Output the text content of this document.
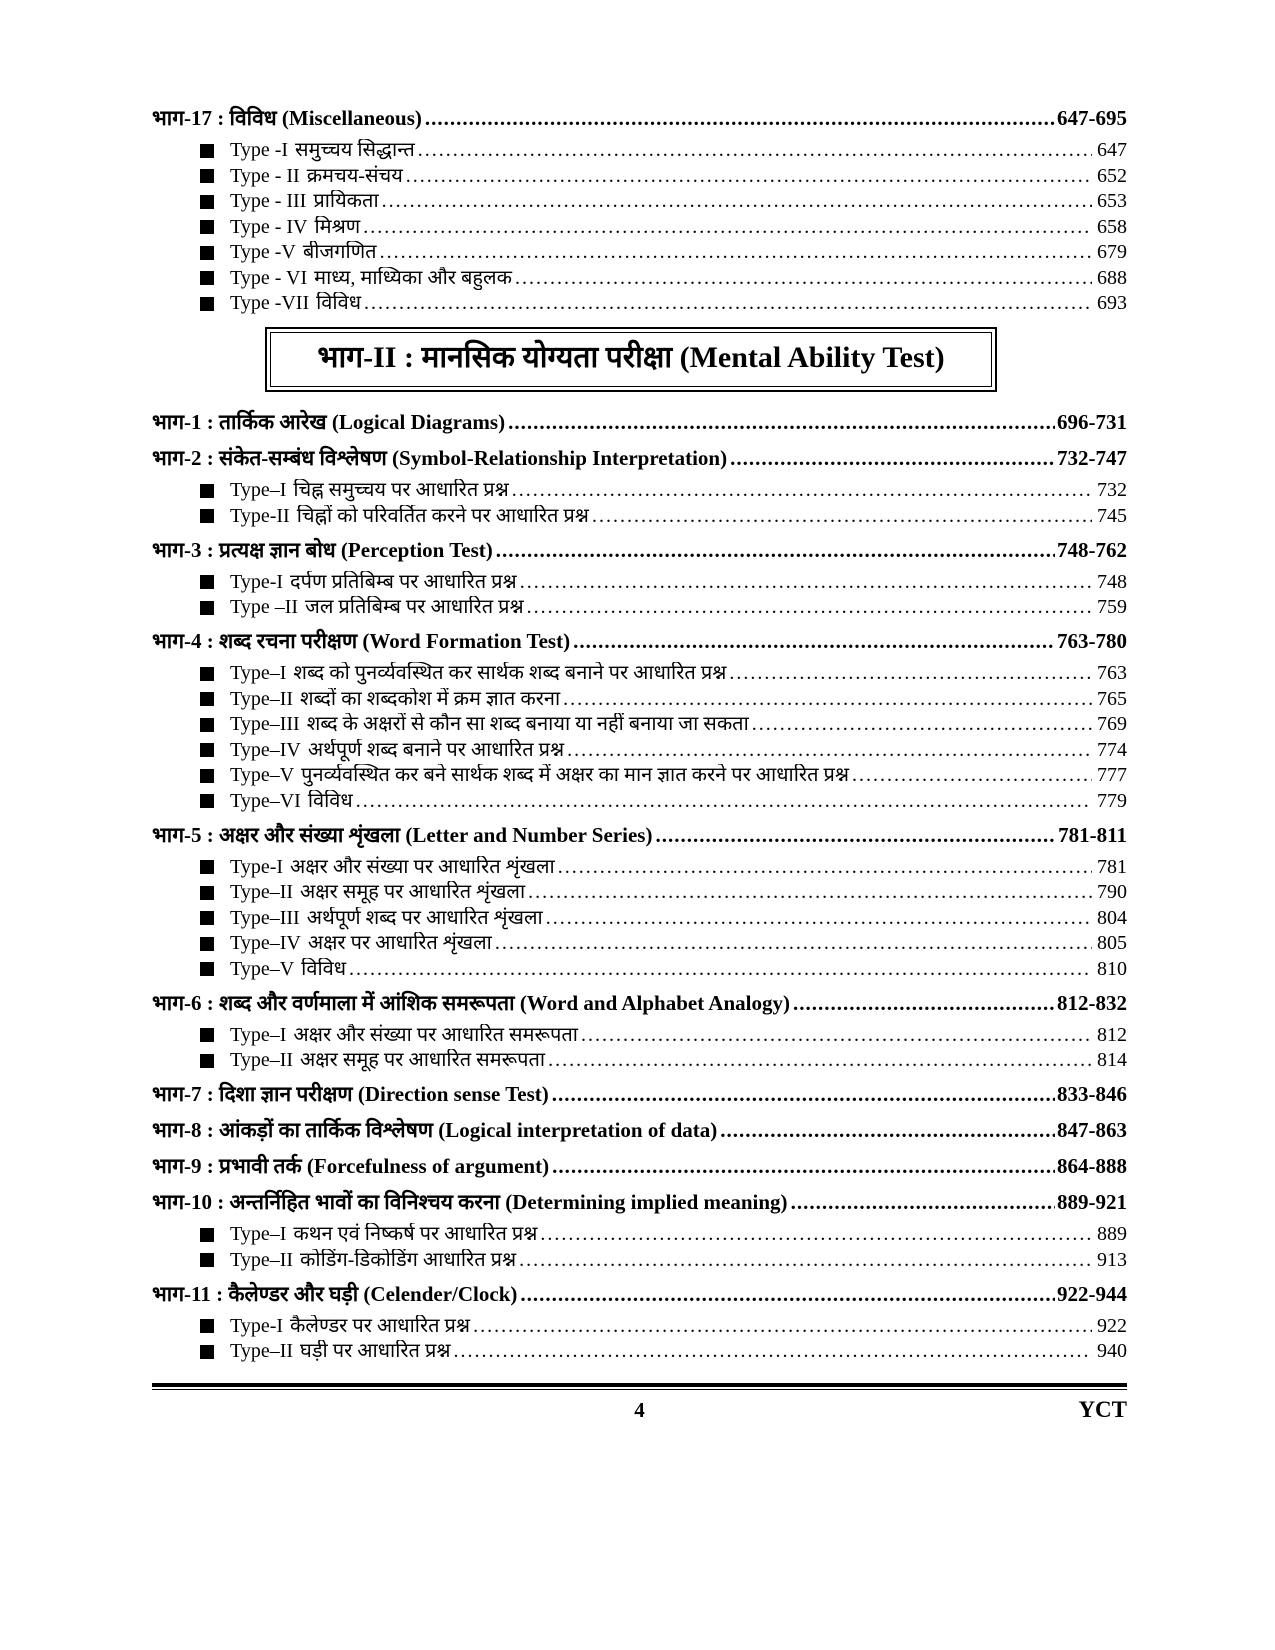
भाग-17 : विविध (Miscellaneous) .....	647-695
Type -I समुच्चय सिद्धान्त .....	647
Type - II क्रमचय-संचय .....	652
Type - III प्रायिकता .....	653
Type - IV मिश्रण .....	658
Type -V बीजगणित .....	679
Type - VI माध्य, माध्यिका और बहुलक .....	688
Type -VII विविध .....	693
भाग-II : मानसिक योग्यता परीक्षा (Mental Ability Test)
भाग-1 : तार्किक आरेख (Logical Diagrams) .....	696-731
भाग-2 : संकेत-सम्बंध विश्लेषण (Symbol-Relationship Interpretation) .....	732-747
Type–I चिह्न समुच्चय पर आधारित प्रश्न .....	732
Type-II चिह्नों को परिवर्तित करने पर आधारित प्रश्न .....	745
भाग-3 : प्रत्यक्ष ज्ञान बोध (Perception Test) .....	748-762
Type-I दर्पण प्रतिबिम्ब पर आधारित प्रश्न .....	748
Type –II जल प्रतिबिम्ब पर आधारित प्रश्न .....	759
भाग-4 : शब्द रचना परीक्षण (Word Formation Test) .....	763-780
Type–I शब्द को पुनर्व्यवस्थित कर सार्थक शब्द बनाने पर आधारित प्रश्न .....	763
Type–II शब्दों का शब्दकोश में क्रम ज्ञात करना .....	765
Type–III शब्द के अक्षरों से कौन सा शब्द बनाया या नहीं बनाया जा सकता .....	769
Type–IV अर्थपूर्ण शब्द बनाने पर आधारित प्रश्न .....	774
Type–V पुनर्व्यवस्थित कर बने सार्थक शब्द में अक्षर का मान ज्ञात करने पर आधारित प्रश्न .....	777
Type–VI विविध .....	779
भाग-5 : अक्षर और संख्या शृंखला (Letter and Number Series) .....	781-811
Type-I अक्षर और संख्या पर आधारित शृंखला .....	781
Type–II अक्षर समूह पर आधारित शृंखला .....	790
Type–III अर्थपूर्ण शब्द पर आधारित शृंखला .....	804
Type–IV अक्षर पर आधारित शृंखला .....	805
Type–V विविध .....	810
भाग-6 : शब्द और वर्णमाला में आंशिक समरूपता (Word and Alphabet Analogy) .....	812-832
Type–I अक्षर और संख्या पर आधारित समरूपता .....	812
Type–II अक्षर समूह पर आधारित समरूपता .....	814
भाग-7 : दिशा ज्ञान परीक्षण (Direction sense Test) .....	833-846
भाग-8 : आंकड़ों का तार्किक विश्लेषण (Logical interpretation of data) .....	847-863
भाग-9 : प्रभावी तर्क (Forcefulness of argument) .....	864-888
भाग-10 : अन्तर्निहित भावों का विनिश्चय करना (Determining implied meaning) .....	889-921
Type–I कथन एवं निष्कर्ष पर आधारित प्रश्न .....	889
Type–II कोडिंग-डिकोडिंग आधारित प्रश्न .....	913
भाग-11 : कैलेण्डर और घड़ी (Celender/Clock) .....	922-944
Type-I कैलेण्डर पर आधारित प्रश्न .....	922
Type–II घड़ी पर आधारित प्रश्न .....	940
4	YCT
